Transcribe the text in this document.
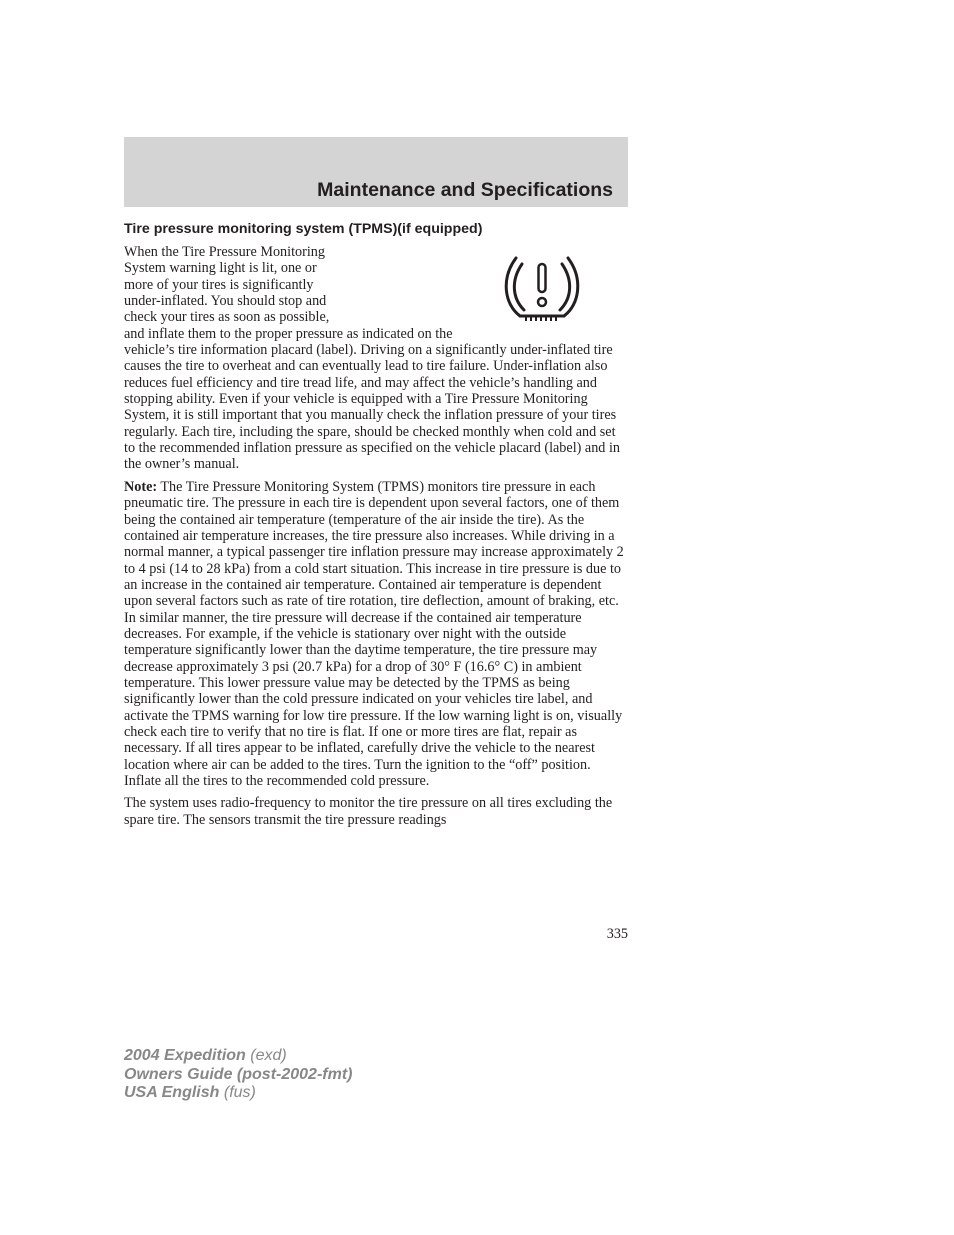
Maintenance and Specifications
Tire pressure monitoring system (TPMS)(if equipped)

When the Tire Pressure Monitoring
System warning light is lit, one or
more of your tires is significantly
under-inflated. You should stop and
check your tires as soon as possible,
and inflate them to the proper pressure as indicated on the vehicle’s tire information placard (label). Driving on a significantly under-inflated tire causes the tire to overheat and can eventually lead to tire failure. Under-inflation also reduces fuel efficiency and tire tread life, and may affect the vehicle’s handling and stopping ability. Even if your vehicle is equipped with a Tire Pressure Monitoring System, it is still important that you manually check the inflation pressure of your tires regularly. Each tire, including the spare, should be checked monthly when cold and set to the recommended inflation pressure as specified on the vehicle placard (label) and in the owner’s manual.

Note: The Tire Pressure Monitoring System (TPMS) monitors tire pressure in each pneumatic tire. The pressure in each tire is dependent upon several factors, one of them being the contained air temperature (temperature of the air inside the tire). As the contained air temperature increases, the tire pressure also increases. While driving in a normal manner, a typical passenger tire inflation pressure may increase approximately 2 to 4 psi (14 to 28 kPa) from a cold start situation. This increase in tire pressure is due to an increase in the contained air temperature. Contained air temperature is dependent upon several factors such as rate of tire rotation, tire deflection, amount of braking, etc. In similar manner, the tire pressure will decrease if the contained air temperature decreases. For example, if the vehicle is stationary over night with the outside temperature significantly lower than the daytime temperature, the tire pressure may decrease approximately 3 psi (20.7 kPa) for a drop of 30° F (16.6° C) in ambient temperature. This lower pressure value may be detected by the TPMS as being significantly lower than the cold pressure indicated on your vehicles tire label, and activate the TPMS warning for low tire pressure. If the low warning light is on, visually check each tire to verify that no tire is flat. If one or more tires are flat, repair as necessary. If all tires appear to be inflated, carefully drive the vehicle to the nearest location where air can be added to the tires. Turn the ignition to the “off” position. Inflate all the tires to the recommended cold pressure.

The system uses radio-frequency to monitor the tire pressure on all tires excluding the spare tire. The sensors transmit the tire pressure readings

335
2004 Expedition (exd)
Owners Guide (post-2002-fmt)
USA English (fus)
